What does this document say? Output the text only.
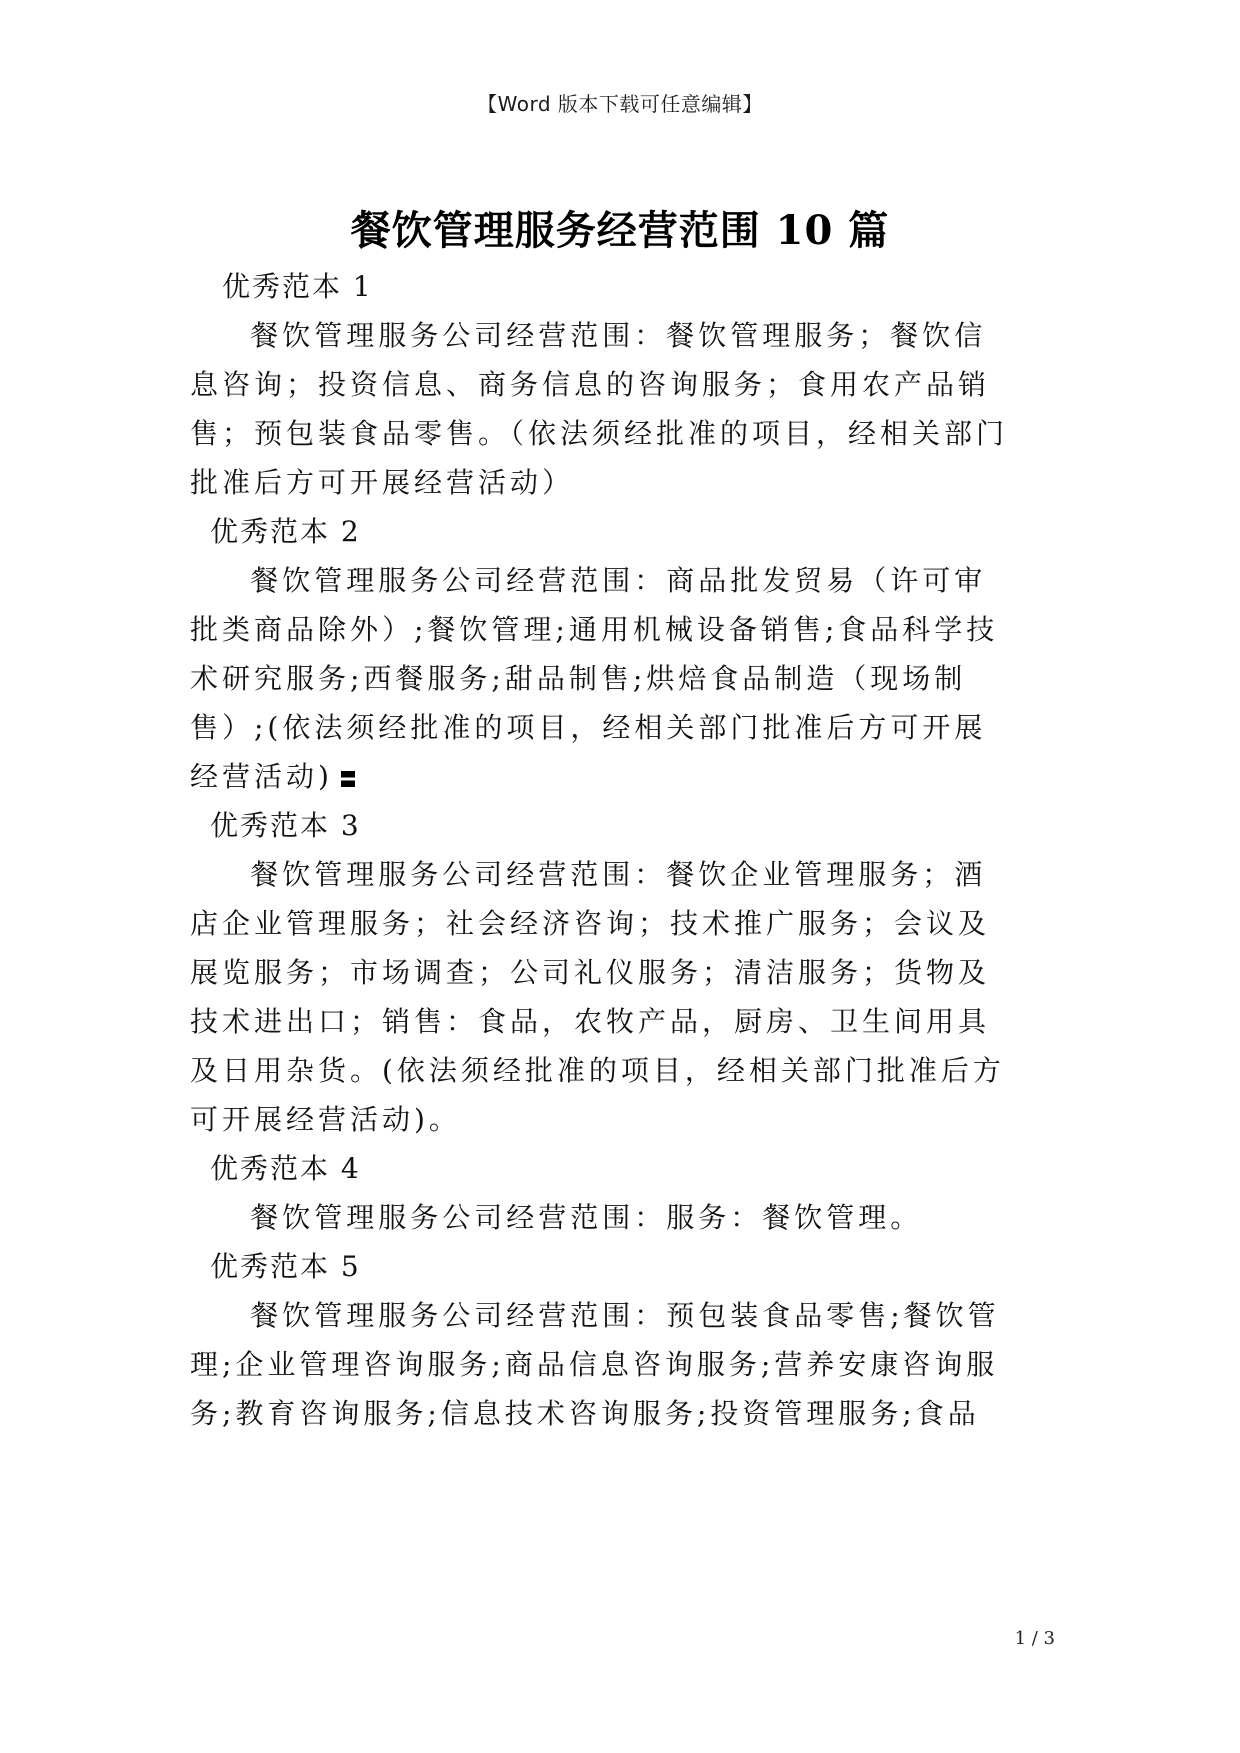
【Word 版本下载可任意编辑】
餐饮管理服务经营范围 10 篇

优秀范本 1

餐饮管理服务公司经营范围：餐饮管理服务；餐饮信
息咨询；投资信息、商务信息的咨询服务；食用农产品销
售；预包装食品零售。（依法须经批准的项目，经相关部门
批准后方可开展经营活动）

优秀范本 2

餐饮管理服务公司经营范围：商品批发贸易（许可审
批类商品除外）;餐饮管理;通用机械设备销售;食品科学技
术研究服务;西餐服务;甜品制售;烘焙食品制造（现场制
售）;(依法须经批准的项目，经相关部门批准后方可开展
经营活动)

优秀范本 3

餐饮管理服务公司经营范围：餐饮企业管理服务；酒
店企业管理服务；社会经济咨询；技术推广服务；会议及
展览服务；市场调查；公司礼仪服务；清洁服务；货物及
技术进出口；销售：食品，农牧产品，厨房、卫生间用具
及日用杂货。(依法须经批准的项目，经相关部门批准后方
可开展经营活动)。

优秀范本 4

餐饮管理服务公司经营范围：服务：餐饮管理。

优秀范本 5

餐饮管理服务公司经营范围：预包装食品零售;餐饮管
理;企业管理咨询服务;商品信息咨询服务;营养安康咨询服
务;教育咨询服务;信息技术咨询服务;投资管理服务;食品

1 / 3
